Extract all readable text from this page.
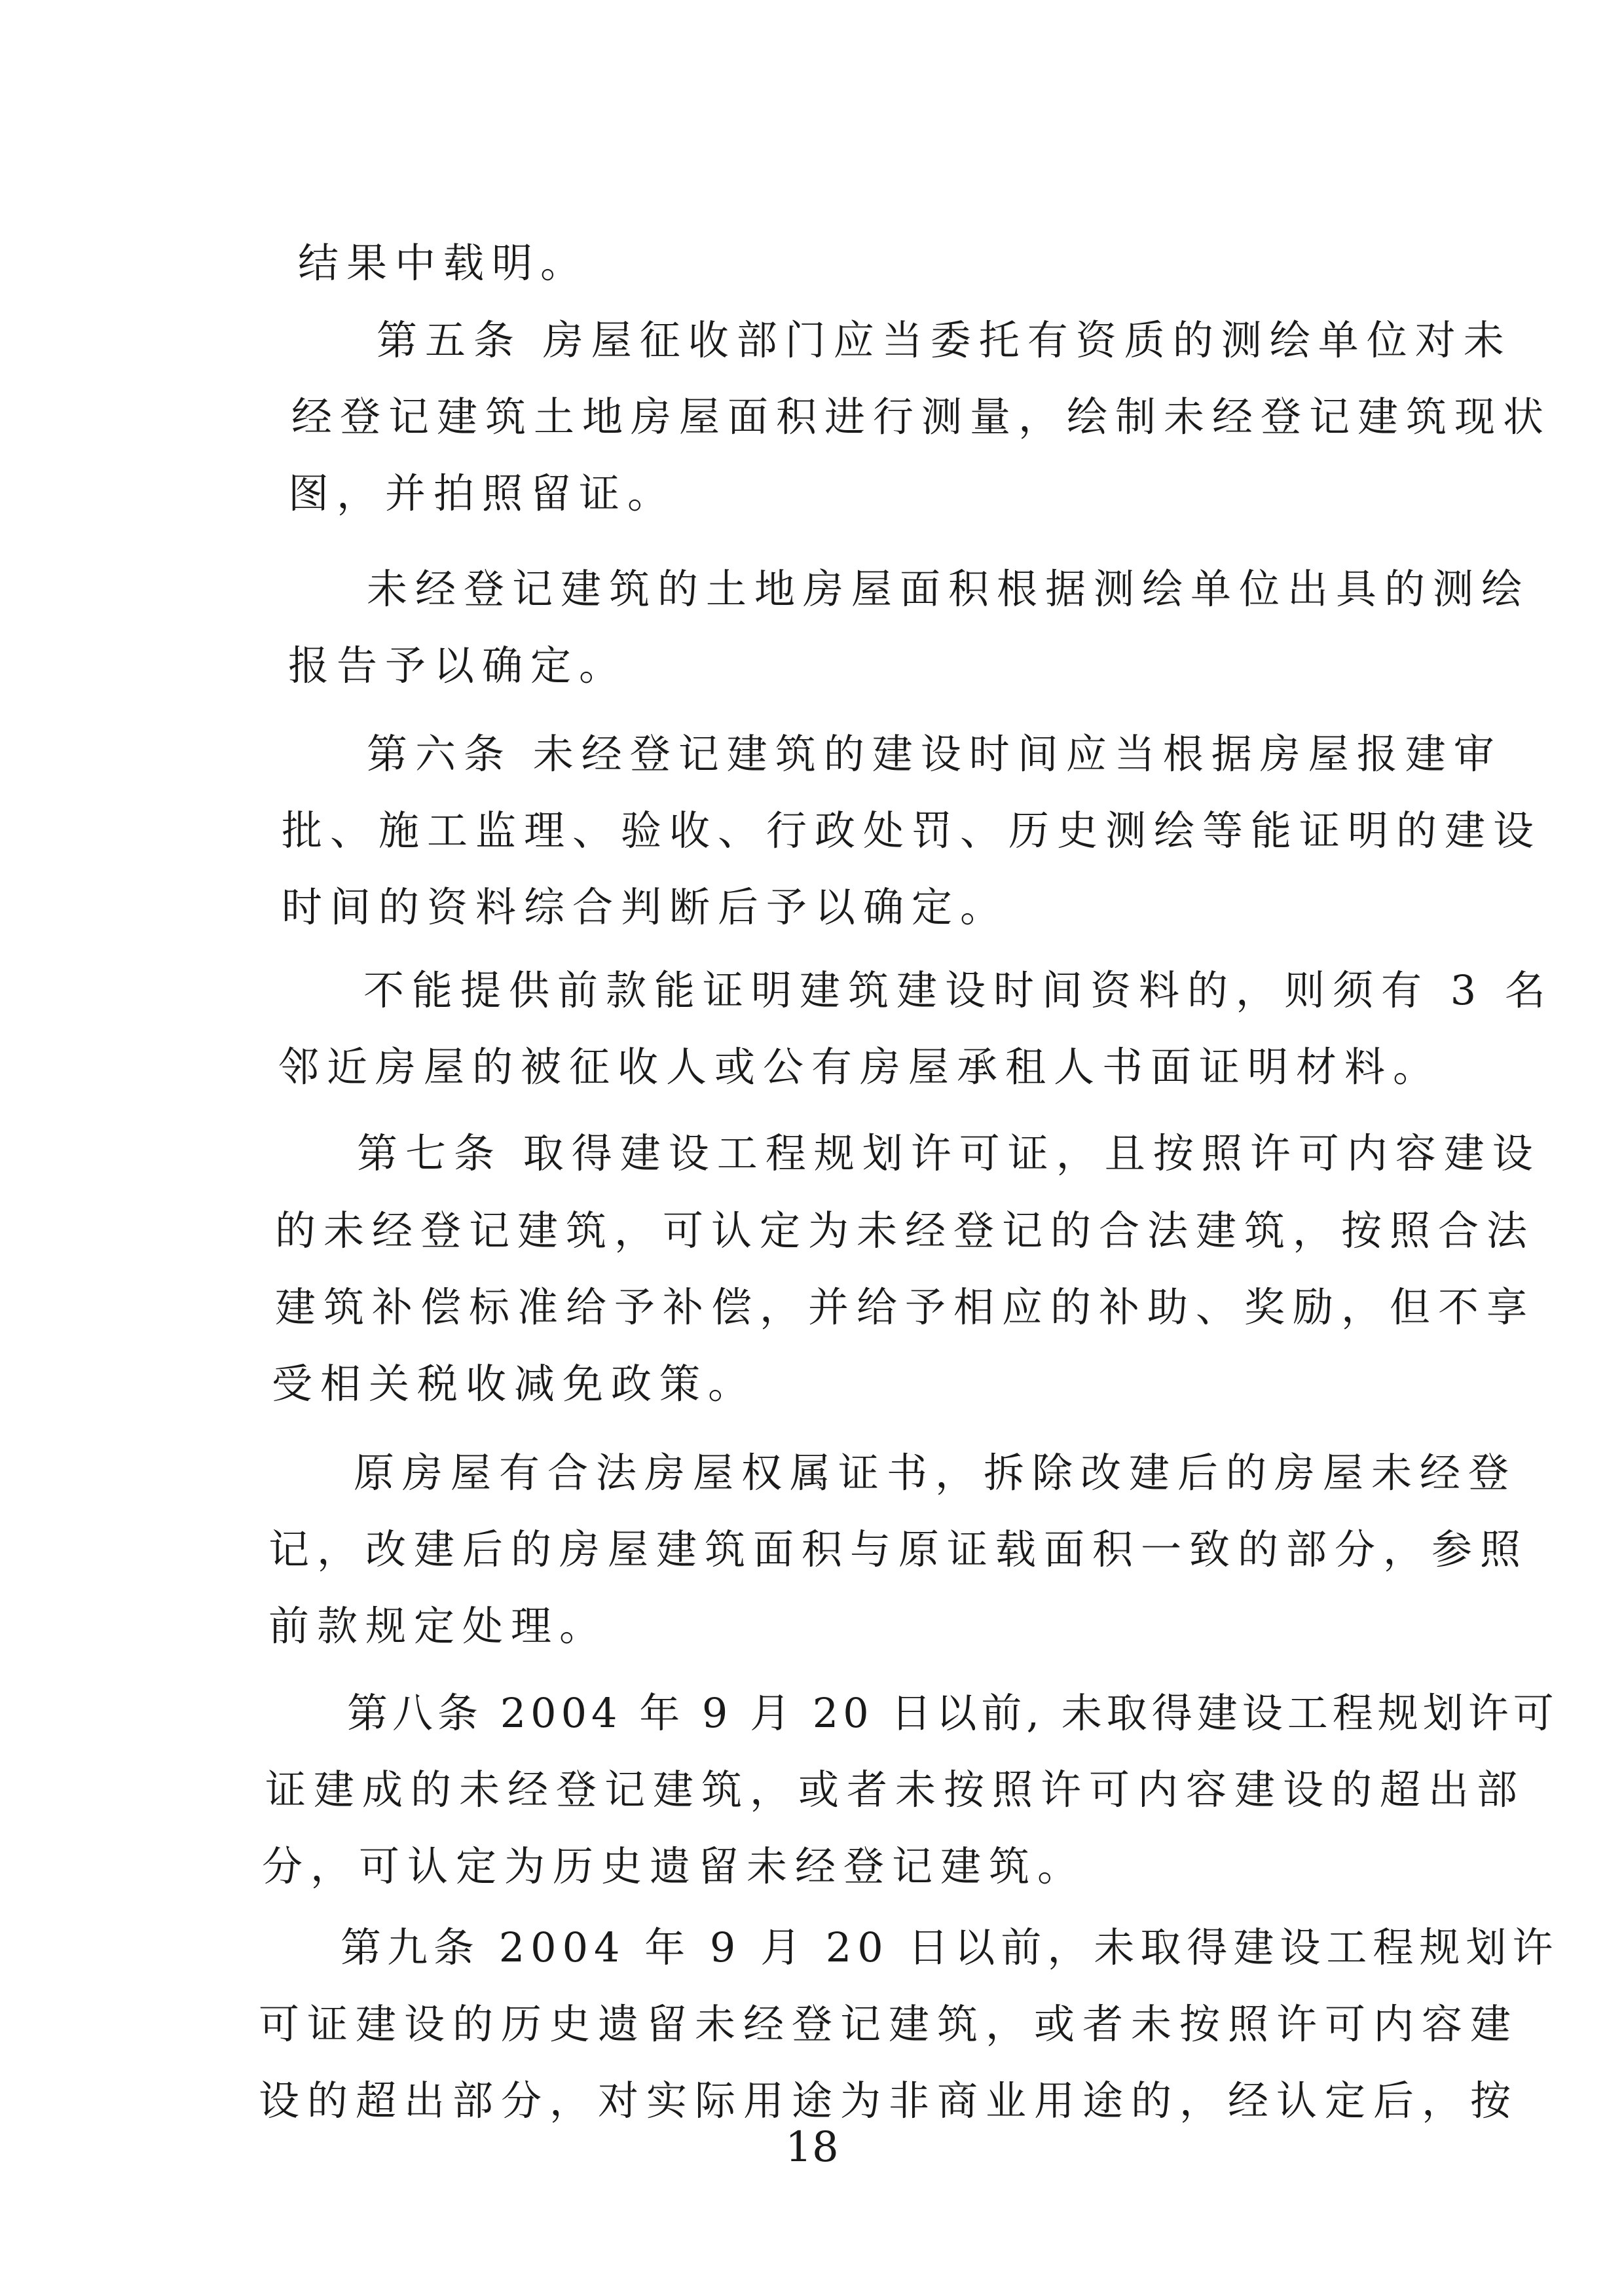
结果中载明。
第五条 房屋征收部门应当委托有资质的测绘单位对未
经登记建筑土地房屋面积进行测量，绘制未经登记建筑现状
图，并拍照留证。
未经登记建筑的土地房屋面积根据测绘单位出具的测绘
报告予以确定。
第六条 未经登记建筑的建设时间应当根据房屋报建审
批、施工监理、验收、行政处罚、历史测绘等能证明的建设
时间的资料综合判断后予以确定。
不能提供前款能证明建筑建设时间资料的，则须有 3 名
邻近房屋的被征收人或公有房屋承租人书面证明材料。
第七条 取得建设工程规划许可证，且按照许可内容建设
的未经登记建筑，可认定为未经登记的合法建筑，按照合法
建筑补偿标准给予补偿，并给予相应的补助、奖励，但不享
受相关税收减免政策。
原房屋有合法房屋权属证书，拆除改建后的房屋未经登
记，改建后的房屋建筑面积与原证载面积一致的部分，参照
前款规定处理。
第八条 2004 年 9 月 20 日以前, 未取得建设工程规划许可
证建成的未经登记建筑，或者未按照许可内容建设的超出部
分，可认定为历史遗留未经登记建筑。
第九条 2004 年 9 月 20 日以前，未取得建设工程规划许
可证建设的历史遗留未经登记建筑，或者未按照许可内容建
设的超出部分，对实际用途为非商业用途的，经认定后，按
18
